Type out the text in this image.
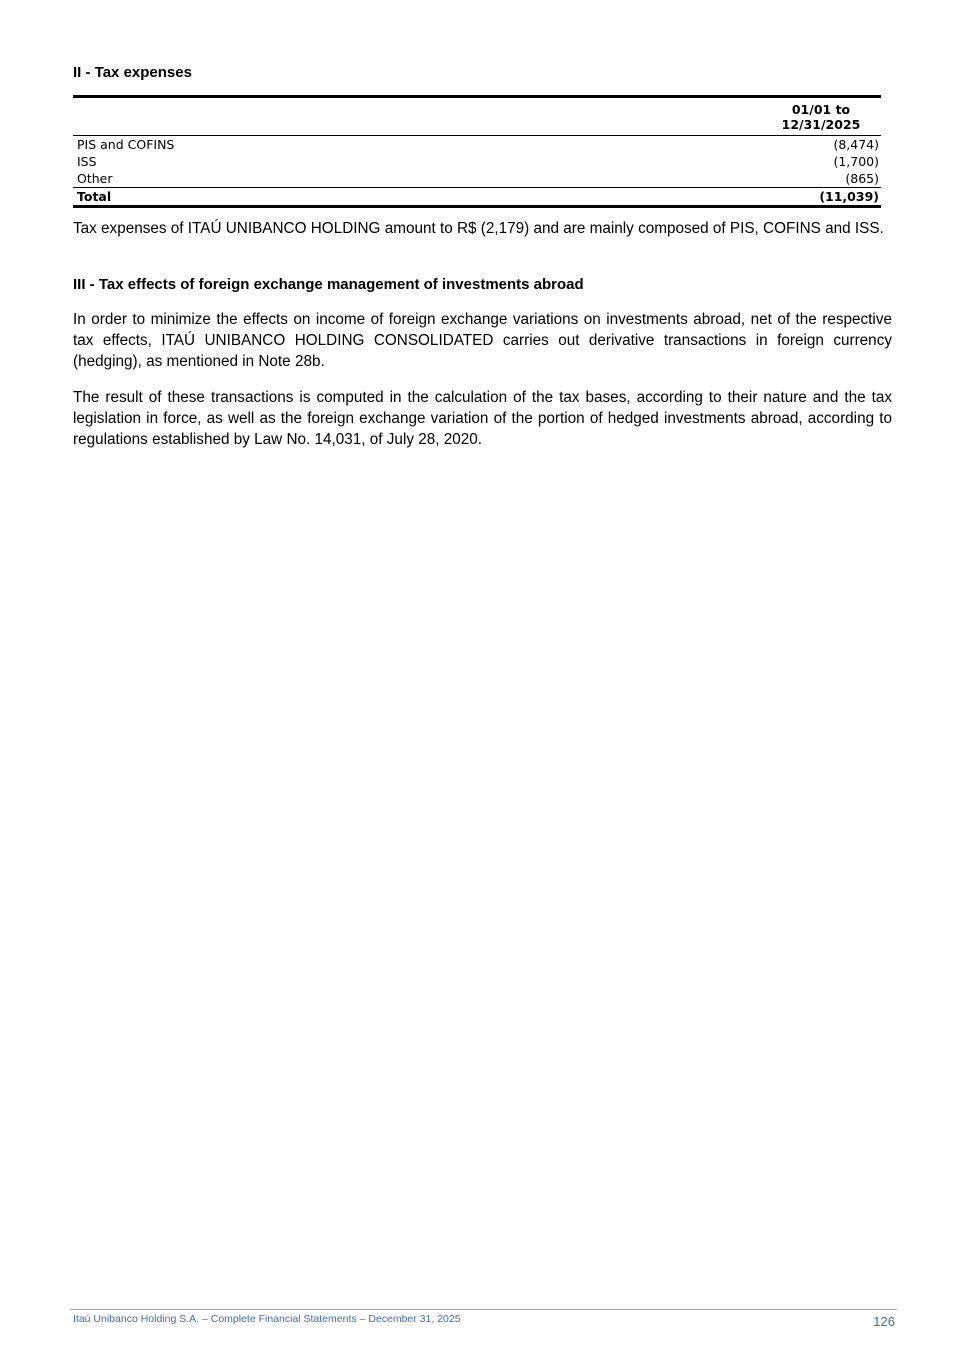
II - Tax expenses
	01/01 to
12/31/2025
PIS and COFINS	(8,474)
ISS	(1,700)
Other	(865)
Total	(11,039)

Tax expenses of ITAÚ UNIBANCO HOLDING amount to R$ (2,179) and are mainly composed of PIS, COFINS and ISS.

III - Tax effects of foreign exchange management of investments abroad

In order to minimize the effects on income of foreign exchange variations on investments abroad, net of the respective tax effects, ITAÚ UNIBANCO HOLDING CONSOLIDATED carries out derivative transactions in foreign currency (hedging), as mentioned in Note 28b.

The result of these transactions is computed in the calculation of the tax bases, according to their nature and the tax legislation in force, as well as the foreign exchange variation of the portion of hedged investments abroad, according to regulations established by Law No. 14,031, of July 28, 2020.

Itaú Unibanco Holding S.A. – Complete Financial Statements – December 31, 2025	126
